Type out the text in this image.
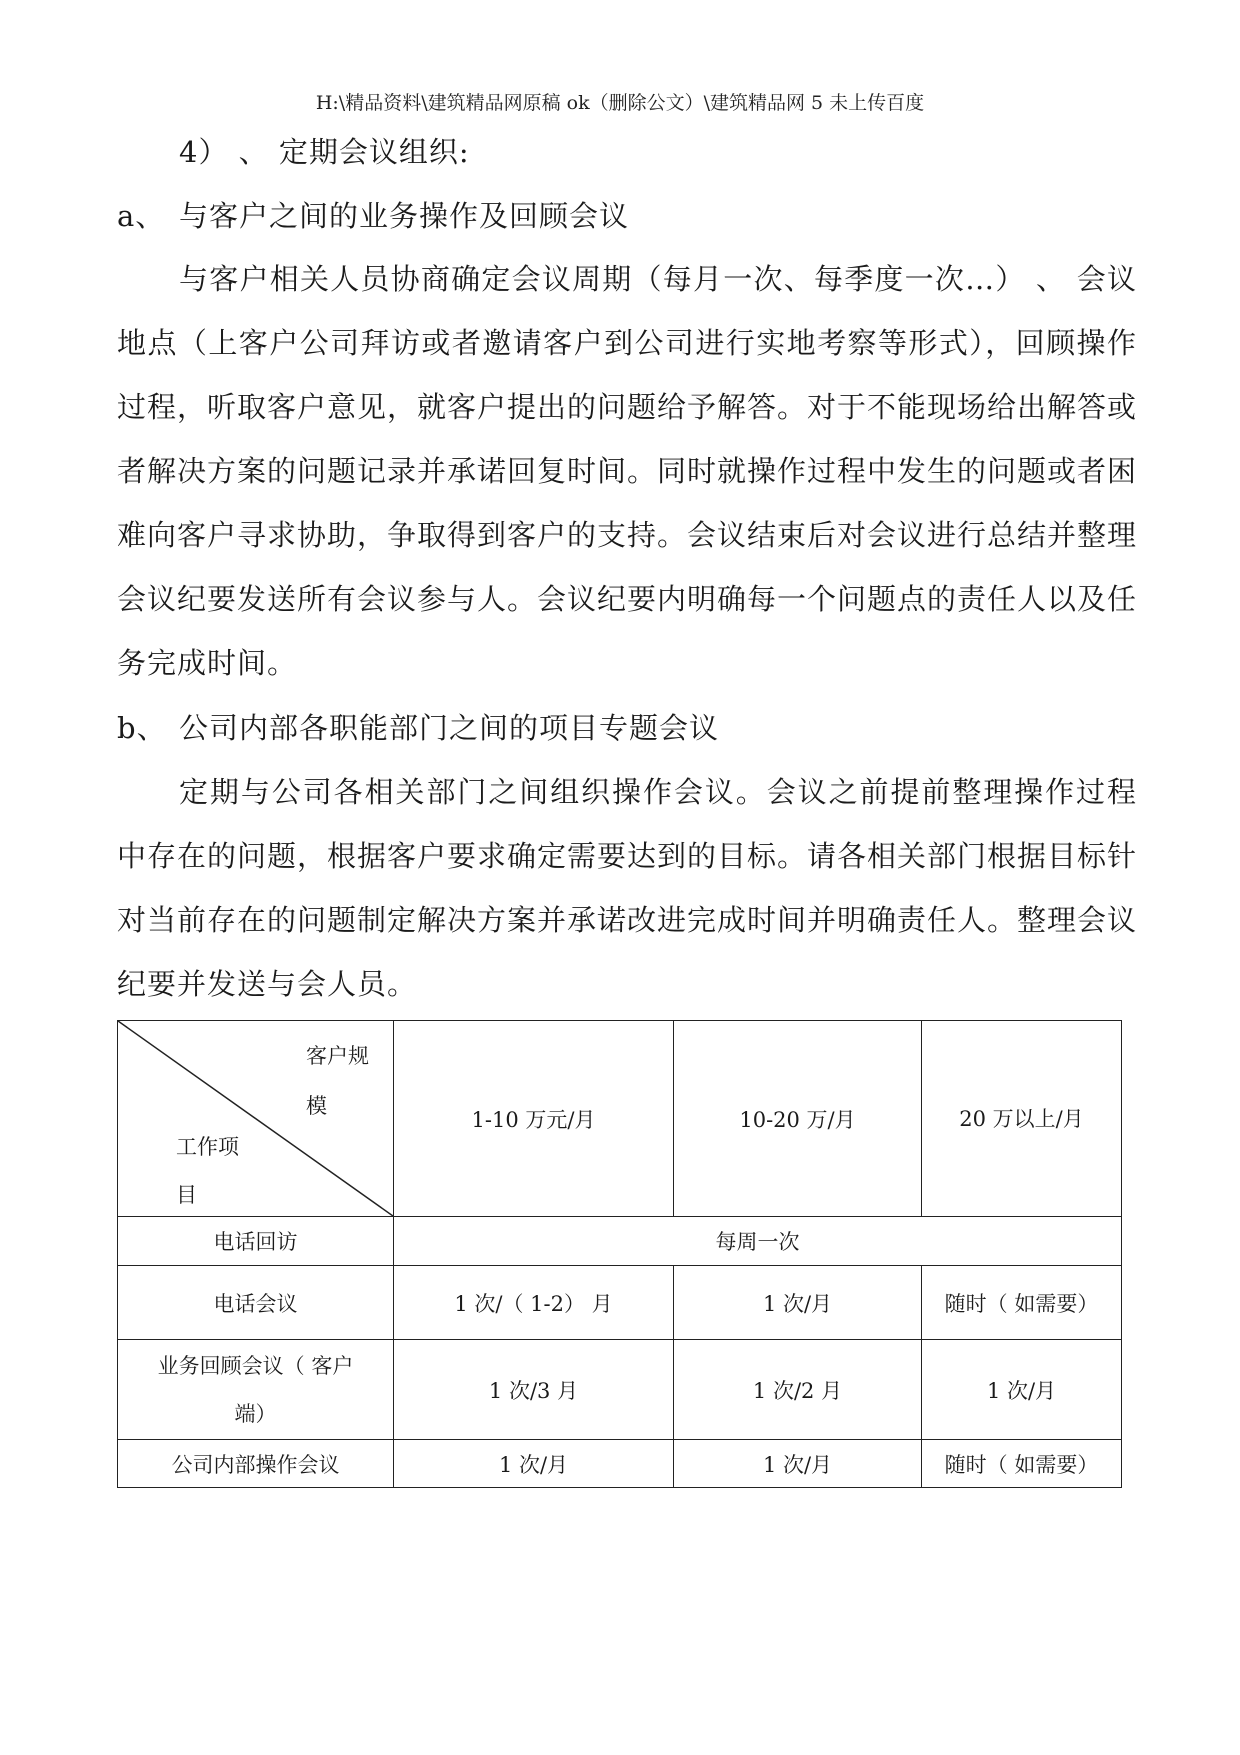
H:\精品资料\建筑精品网原稿 ok（删除公文）\建筑精品网 5 未上传百度
4） 、 定期会议组织:
a、 与客户之间的业务操作及回顾会议
与客户相关人员协商确定会议周期（每月一次、每季度一次…） 、 会议地点（上客户公司拜访或者邀请客户到公司进行实地考察等形式），回顾操作过程，听取客户意见，就客户提出的问题给予解答。对于不能现场给出解答或者解决方案的问题记录并承诺回复时间。同时就操作过程中发生的问题或者困难向客户寻求协助，争取得到客户的支持。会议结束后对会议进行总结并整理会议纪要发送所有会议参与人。会议纪要内明确每一个问题点的责任人以及任务完成时间。
b、 公司内部各职能部门之间的项目专题会议
定期与公司各相关部门之间组织操作会议。会议之前提前整理操作过程中存在的问题，根据客户要求确定需要达到的目标。请各相关部门根据目标针对当前存在的问题制定解决方案并承诺改进完成时间并明确责任人。整理会议纪要并发送与会人员。
客户规模
工作项目	1-10 万元/月	10-20 万/月	20 万以上/月
电话回访	每周一次		
电话会议	1 次/（ 1-2） 月	1 次/月	随时（ 如需要）
业务回顾会议（ 客户端）	1 次/3 月	1 次/2 月	1 次/月
公司内部操作会议	1 次/月	1 次/月	随时（ 如需要）
